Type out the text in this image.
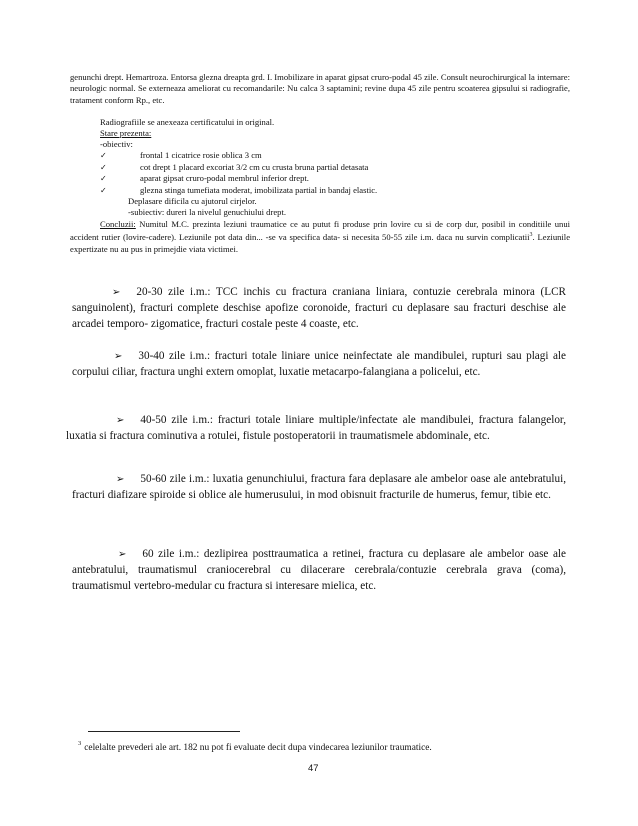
genunchi drept. Hemartroza. Entorsa glezna dreapta grd. I. Imobilizare in aparat gipsat cruro-podal 45 zile. Consult neurochirurgical la internare: neurologic normal. Se externeaza ameliorat cu recomandarile: Nu calca 3 saptamini; revine dupa 45 zile pentru scoaterea gipsului si radiografie, tratament conform Rp., etc.
Radiografiile se anexeaza certificatului in original.
Stare prezenta:
-obiectiv:
✓	frontal 1 cicatrice rosie oblica 3 cm
✓	cot drept 1 placard excoriat 3/2 cm cu crusta bruna partial detasata
✓	aparat gipsat cruro-podal membrul inferior drept.
✓	glezna stinga tumefiata moderat, imobilizata partial in bandaj elastic.
Deplasare dificila cu ajutorul cirjelor.
-subiectiv: dureri la nivelul genuchiului drept.
Concluzii: Numitul M.C. prezinta leziuni traumatice ce au putut fi produse prin lovire cu si de corp dur, posibil in conditiile unui accident rutier (lovire-cadere). Leziunile pot data din... -se va specifica data- si necesita 50-55 zile i.m. daca nu survin complicatii$^3$. Leziunile expertizate nu au pus in primejdie viata victimei.
➢ 20-30 zile i.m.: TCC inchis cu fractura craniana liniara, contuzie cerebrala minora (LCR sanguinolent), fracturi complete deschise apofize coronoide, fracturi cu deplasare sau fracturi deschise ale arcadei temporo- zigomatice, fracturi costale peste 4 coaste, etc.
➢ 30-40 zile i.m.: fracturi totale liniare unice neinfectate ale mandibulei, rupturi sau plagi ale corpului ciliar, fractura unghi extern omoplat, luxatie metacarpo-falangiana a policelui, etc.
➢ 40-50 zile i.m.: fracturi totale liniare multiple/infectate ale mandibulei, fractura falangelor, luxatia si fractura cominutiva a rotulei, fistule postoperatorii in traumatismele abdominale, etc.
➢ 50-60 zile i.m.: luxatia genunchiului, fractura fara deplasare ale ambelor oase ale antebratului, fracturi diafizare spiroide si oblice ale humerusului, in mod obisnuit fracturile de humerus, femur, tibie etc.
➢ 60 zile i.m.: dezlipirea posttraumatica a retinei, fractura cu deplasare ale ambelor oase ale antebratului, traumatismul craniocerebral cu dilacerare cerebrala/contuzie cerebrala grava (coma), traumatismul vertebro-medular cu fractura si interesare mielica, etc.
$^3$ celelalte prevederi ale art. 182 nu pot fi evaluate decit dupa vindecarea leziunilor traumatice.
47
